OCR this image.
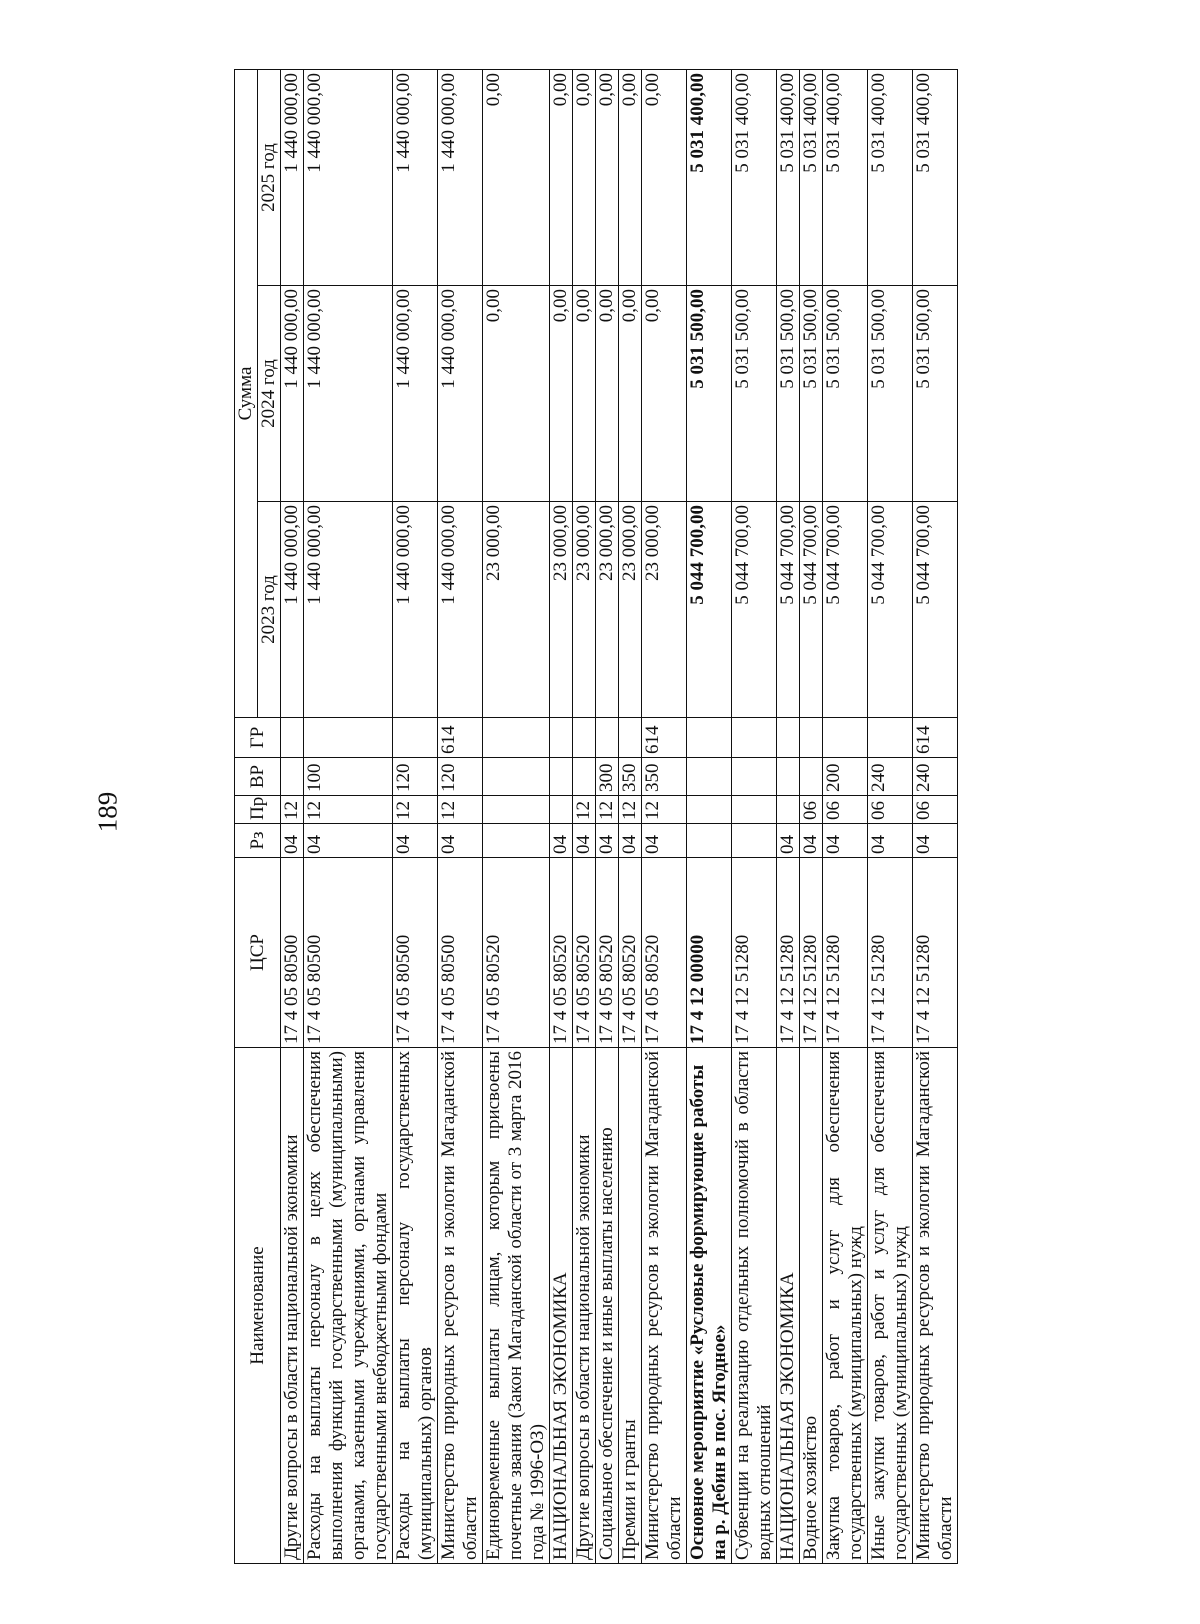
189
Наименование	ЦСР	Рз	Пр	ВР	ГР	Сумма		
						2023 год	2024 год	2025 год
Другие вопросы в области национальной экономики	17 4 05 80500	04	12			1 440 000,00	1 440 000,00	1 440 000,00
Расходы на выплаты персоналу в целях обеспечения выполнения функций государственными (муниципальными) органами, казенными учреждениями, органами управления государственными внебюджетными фондами	17 4 05 80500	04	12	100		1 440 000,00	1 440 000,00	1 440 000,00
Расходы на выплаты персоналу государственных (муниципальных) органов	17 4 05 80500	04	12	120		1 440 000,00	1 440 000,00	1 440 000,00
Министерство природных ресурсов и экологии Магаданской области	17 4 05 80500	04	12	120	614	1 440 000,00	1 440 000,00	1 440 000,00
Единовременные выплаты лицам, которым присвоены почетные звания (Закон Магаданской области от 3 марта 2016 года № 1996-ОЗ)	17 4 05 80520					23 000,00	0,00	0,00
НАЦИОНАЛЬНАЯ ЭКОНОМИКА	17 4 05 80520	04				23 000,00	0,00	0,00
Другие вопросы в области национальной экономики	17 4 05 80520	04	12			23 000,00	0,00	0,00
Социальное обеспечение и иные выплаты населению	17 4 05 80520	04	12	300		23 000,00	0,00	0,00
Премии и гранты	17 4 05 80520	04	12	350		23 000,00	0,00	0,00
Министерство природных ресурсов и экологии Магаданской области	17 4 05 80520	04	12	350	614	23 000,00	0,00	0,00
Основное мероприятие «Русловые формирующие работы на р. Дебин в пос. Ягодное»	17 4 12 00000					5 044 700,00	5 031 500,00	5 031 400,00
Субвенции на реализацию отдельных полномочий в области водных отношений	17 4 12 51280					5 044 700,00	5 031 500,00	5 031 400,00
НАЦИОНАЛЬНАЯ ЭКОНОМИКА	17 4 12 51280	04				5 044 700,00	5 031 500,00	5 031 400,00
Водное хозяйство	17 4 12 51280	04	06			5 044 700,00	5 031 500,00	5 031 400,00
Закупка товаров, работ и услуг для обеспечения государственных (муниципальных) нужд	17 4 12 51280	04	06	200		5 044 700,00	5 031 500,00	5 031 400,00
Иные закупки товаров, работ и услуг для обеспечения государственных (муниципальных) нужд	17 4 12 51280	04	06	240		5 044 700,00	5 031 500,00	5 031 400,00
Министерство природных ресурсов и экологии Магаданской области	17 4 12 51280	04	06	240	614	5 044 700,00	5 031 500,00	5 031 400,00
